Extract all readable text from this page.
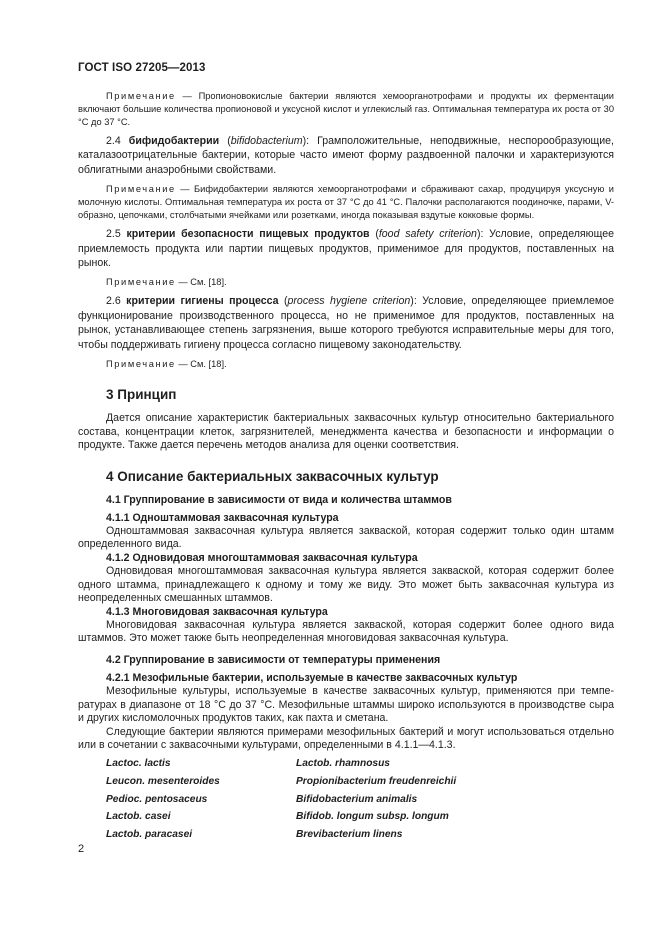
ГОСТ ISO 27205—2013

Примечание — Пропионовокислые бактерии являются хемоорганотрофами и продукты их ферментации включают большие количества пропионовой и уксусной кислот и углекислый газ. Оптимальная температура их роста от 30 °С до 37 °С.

2.4 бифидобактерии (bifidobacterium): Грамположительные, неподвижные, неспорообразующие, каталазоотрицательные бактерии, которые часто имеют форму раздвоенной палочки и характеризуются облигатными анаэробными свойствами.

Примечание — Бифидобактерии являются хемоорганотрофами и сбраживают сахар, продуцируя уксусную и молочную кислоты. Оптимальная температура их роста от 37 °С до 41 °С. Палочки располагаются поодиночке, парами, V-образно, цепочками, столбчатыми ячейками или розетками, иногда показывая вздутые кокковые формы.

2.5 критерии безопасности пищевых продуктов (food safety criterion): Условие, определяющее приемлемость продукта или партии пищевых продуктов, применимое для продуктов, поставленных на рынок.

Примечание — См. [18].

2.6 критерии гигиены процесса (process hygiene criterion): Условие, определяющее приемлемое функционирование производственного процесса, но не применимое для продуктов, поставленных на рынок, устанавливающее степень загрязнения, выше которого требуются исправительные меры для того, чтобы поддерживать гигиену процесса согласно пищевому законодательству.

Примечание — См. [18].

3 Принцип

Дается описание характеристик бактериальных заквасочных культур относительно бактериального состава, концентрации клеток, загрязнителей, менеджмента качества и безопасности и информации о продукте. Также дается перечень методов анализа для оценки соответствия.

4 Описание бактериальных заквасочных культур
4.1 Группирование в зависимости от вида и количества штаммов
4.1.1 Одноштаммовая заквасочная культура

Одноштаммовая заквасочная культура является закваской, которая содержит только один штамм определенного вида.

4.1.2 Одновидовая многоштаммовая заквасочная культура

Одновидовая многоштаммовая заквасочная культура является закваской, которая содержит более одного штамма, принадлежащего к одному и тому же виду. Это может быть заквасочная культура из неопределенных смешанных штаммов.

4.1.3 Многовидовая заквасочная культура

Многовидовая заквасочная культура является закваской, которая содержит более одного вида штаммов. Это может также быть неопределенная многовидовая заквасочная культура.

4.2 Группирование в зависимости от температуры применения
4.2.1 Мезофильные бактерии, используемые в качестве заквасочных культур

Мезофильные культуры, используемые в качестве заквасочных культур, применяются при температурах в диапазоне от 18 °С до 37 °С. Мезофильные штаммы широко используются в производстве сыра и других кисломолочных продуктов таких, как пахта и сметана.

Следующие бактерии являются примерами мезофильных бактерий и могут использоваться отдельно или в сочетании с заквасочными культурами, определенными в 4.1.1—4.1.3.

Lactoc. lactis	Lactob. rhamnosus
Leucon. mesenteroides	Propionibacterium freudenreichii
Pedioc. pentosaceus	Bifidobacterium animalis
Lactob. casei	Bifidob. longum subsp. longum
Lactob. paracasei	Brevibacterium linens
2
